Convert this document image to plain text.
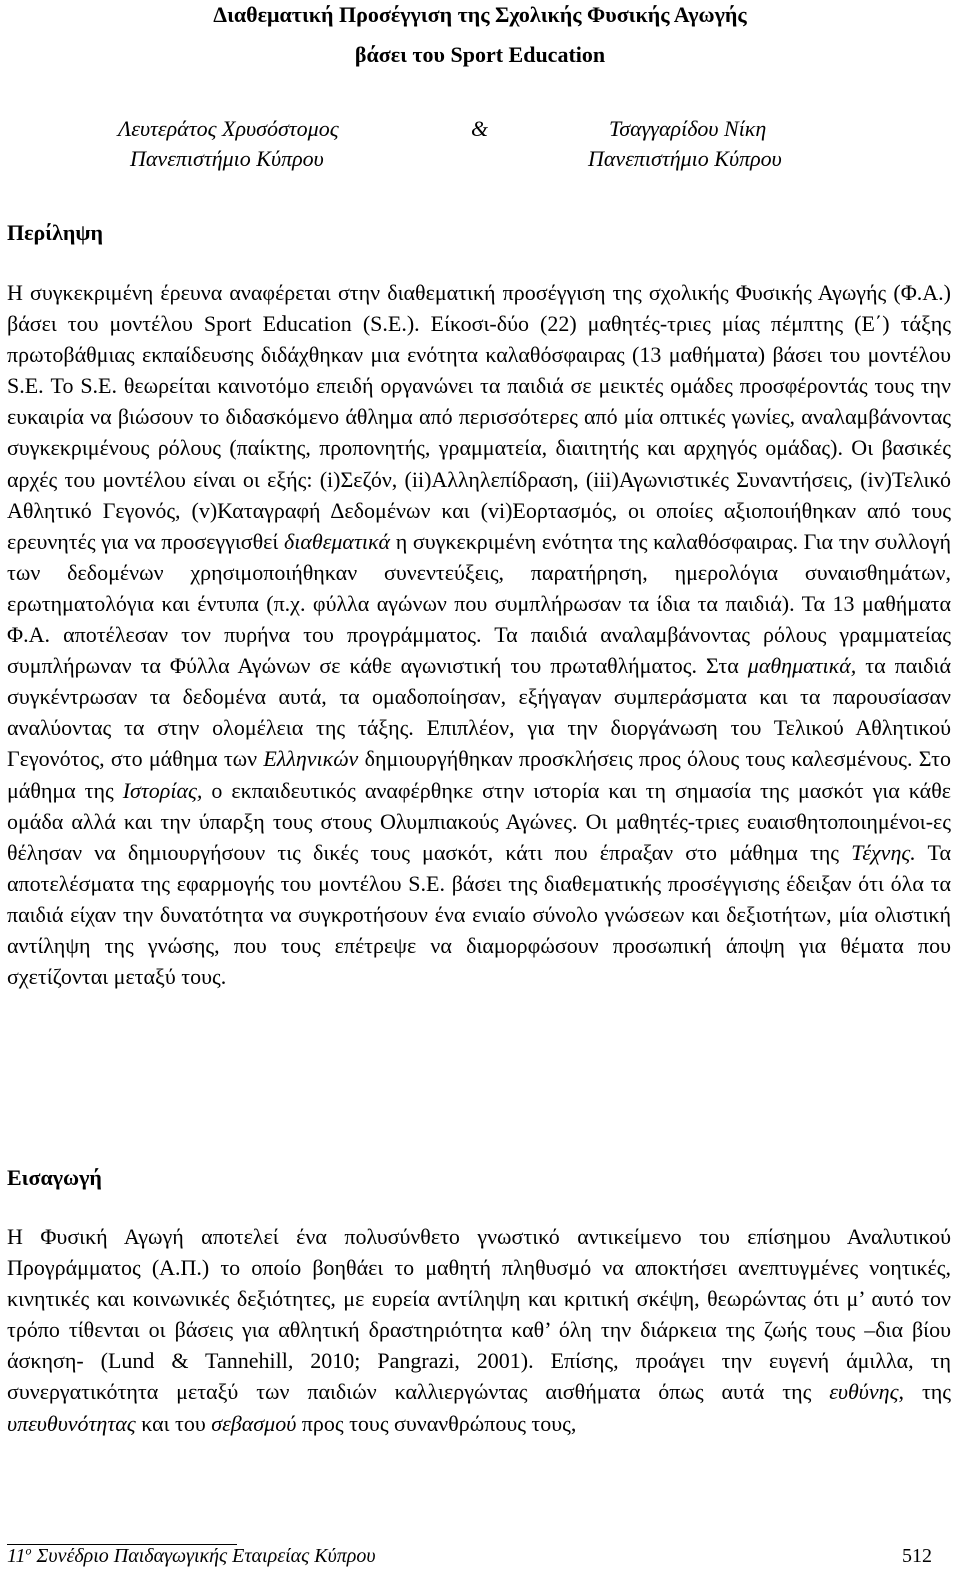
Διαθεματική Προσέγγιση της Σχολικής Φυσικής Αγωγής
βάσει του Sport Education
Λευτεράτος Χρυσόστομος	&	Τσαγγαρίδου Νίκη
Πανεπιστήμιο Κύπρου	Πανεπιστήμιο Κύπρου
Περίληψη
Η συγκεκριμένη έρευνα αναφέρεται στην διαθεματική προσέγγιση της σχολικής Φυσικής Αγωγής (Φ.Α.) βάσει του μοντέλου Sport Education (S.E.). Είκοσι-δύο (22) μαθητές-τριες μίας πέμπτης (Ε΄) τάξης πρωτοβάθμιας εκπαίδευσης διδάχθηκαν μια ενότητα καλαθόσφαιρας (13 μαθήματα) βάσει του μοντέλου S.E. Το S.E. θεωρείται καινοτόμο επειδή οργανώνει τα παιδιά σε μεικτές ομάδες προσφέροντάς τους την ευκαιρία να βιώσουν το διδασκόμενο άθλημα από περισσότερες από μία οπτικές γωνίες, αναλαμβάνοντας συγκεκριμένους ρόλους (παίκτης, προπονητής, γραμματεία, διαιτητής και αρχηγός ομάδας). Οι βασικές αρχές του μοντέλου είναι οι εξής: (i)Σεζόν, (ii)Αλληλεπίδραση, (iii)Αγωνιστικές Συναντήσεις, (iv)Τελικό Αθλητικό Γεγονός, (v)Καταγραφή Δεδομένων και (vi)Εορτασμός, οι οποίες αξιοποιήθηκαν από τους ερευνητές για να προσεγγισθεί διαθεματικά η συγκεκριμένη ενότητα της καλαθόσφαιρας. Για την συλλογή των δεδομένων χρησιμοποιήθηκαν συνεντεύξεις, παρατήρηση, ημερολόγια συναισθημάτων, ερωτηματολόγια και έντυπα (π.χ. φύλλα αγώνων που συμπλήρωσαν τα ίδια τα παιδιά). Τα 13 μαθήματα Φ.Α. αποτέλεσαν τον πυρήνα του προγράμματος. Τα παιδιά αναλαμβάνοντας ρόλους γραμματείας συμπλήρωναν τα Φύλλα Αγώνων σε κάθε αγωνιστική του πρωταθλήματος. Στα μαθηματικά, τα παιδιά συγκέντρωσαν τα δεδομένα αυτά, τα ομαδοποίησαν, εξήγαγαν συμπεράσματα και τα παρουσίασαν αναλύοντας τα στην ολομέλεια της τάξης. Επιπλέον, για την διοργάνωση του Τελικού Αθλητικού Γεγονότος, στο μάθημα των Ελληνικών δημιουργήθηκαν προσκλήσεις προς όλους τους καλεσμένους. Στο μάθημα της Ιστορίας, ο εκπαιδευτικός αναφέρθηκε στην ιστορία και τη σημασία της μασκότ για κάθε ομάδα αλλά και την ύπαρξη τους στους Ολυμπιακούς Αγώνες. Οι μαθητές-τριες ευαισθητοποιημένοι-ες θέλησαν να δημιουργήσουν τις δικές τους μασκότ, κάτι που έπραξαν στο μάθημα της Τέχνης. Τα αποτελέσματα της εφαρμογής του μοντέλου S.E. βάσει της διαθεματικής προσέγγισης έδειξαν ότι όλα τα παιδιά είχαν την δυνατότητα να συγκροτήσουν ένα ενιαίο σύνολο γνώσεων και δεξιοτήτων, μία ολιστική αντίληψη της γνώσης, που τους επέτρεψε να διαμορφώσουν προσωπική άποψη για θέματα που σχετίζονται μεταξύ τους.
Εισαγωγή
Η Φυσική Αγωγή αποτελεί ένα πολυσύνθετο γνωστικό αντικείμενο του επίσημου Αναλυτικού Προγράμματος (Α.Π.) το οποίο βοηθάει το μαθητή πληθυσμό να αποκτήσει ανεπτυγμένες νοητικές, κινητικές και κοινωνικές δεξιότητες, με ευρεία αντίληψη και κριτική σκέψη, θεωρώντας ότι μ’ αυτό τον τρόπο τίθενται οι βάσεις για αθλητική δραστηριότητα καθ’ όλη την διάρκεια της ζωής τους –δια βίου άσκηση- (Lund & Tannehill, 2010; Pangrazi, 2001). Επίσης, προάγει την ευγενή άμιλλα, τη συνεργατικότητα μεταξύ των παιδιών καλλιεργώντας αισθήματα όπως αυτά της ευθύνης, της υπευθυνότητας και του σεβασμού προς τους συνανθρώπους τους,
$11^o$ Συνέδριο Παιδαγωγικής Εταιρείας Κύπρου	512
